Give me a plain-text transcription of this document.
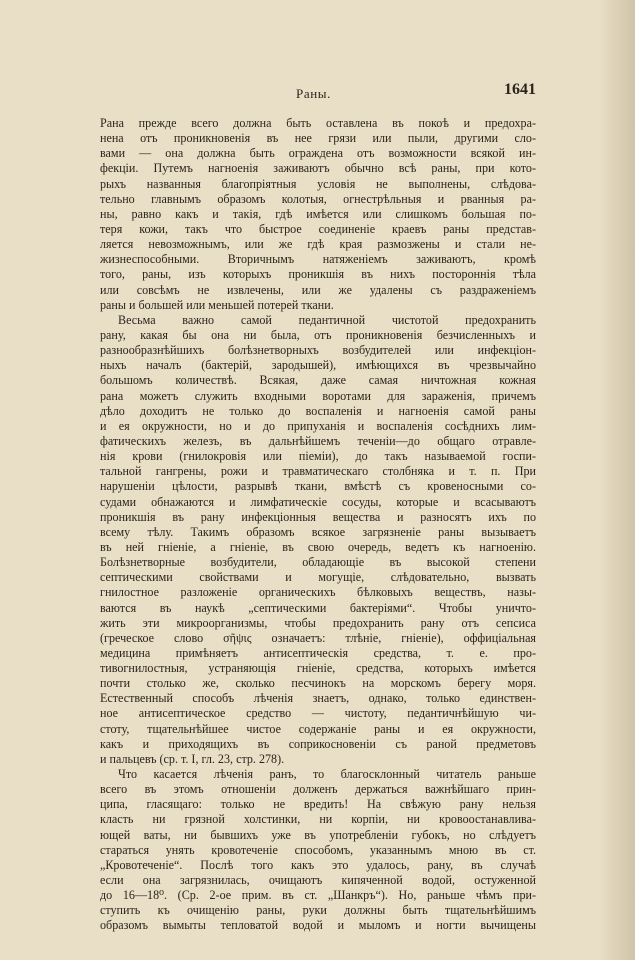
Раны.	1641
Рана прежде всего должна быть оставлена въ покоѣ и предохра-
нена отъ проникновенія въ нее грязи или пыли, другими сло-
вами — она должна быть ограждена отъ возможности всякой ин-
фекціи. Путемъ нагноенія заживаютъ обычно всѣ раны, при кото-
рыхъ названныя благопріятныя условія не выполнены, слѣдова-
тельно главнымъ образомъ колотыя, огнестрѣльныя и рванныя ра-
ны, равно какъ и такія, гдѣ имѣется или слишкомъ большая по-
теря кожи, такъ что быстрое соединеніе краевъ раны представ-
ляется невозможнымъ, или же гдѣ края размозжены и стали не-
жизнеспособными. Вторичнымъ натяженіемъ заживаютъ, кромѣ
того, раны, изъ которыхъ проникшія въ нихъ постороннія тѣла
или совсѣмъ не извлечены, или же удалены съ раздраженіемъ
раны и большей или меньшей потерей ткани.
Весьма важно самой педантичной чистотой предохранить
рану, какая бы она ни была, отъ проникновенія безчисленныхъ и
разнообразнѣйшихъ болѣзнетворныхъ возбудителей или инфекціон-
ныхъ началъ (бактерій, зародышей), имѣющихся въ чрезвычайно
большомъ количествѣ. Всякая, даже самая ничтожная кожная
рана можетъ служить входными воротами для зараженія, причемъ
дѣло доходитъ не только до воспаленія и нагноенія самой раны
и ея окружности, но и до припуханія и воспаленія сосѣднихъ лим-
фатическихъ железъ, въ дальнѣйшемъ теченіи—до общаго отравле-
нія крови (гнилокровія или піеміи), до такъ называемой госпи-
тальной гангрены, рожи и травматическаго столбняка и т. п. При
нарушеніи цѣлости, разрывѣ ткани, вмѣстѣ съ кровеносными со-
судами обнажаются и лимфатическіе сосуды, которые и всасываютъ
проникшія въ рану инфекціонныя вещества и разносятъ ихъ по
всему тѣлу. Такимъ образомъ всякое загрязненіе раны вызываетъ
въ ней гніеніе, а гніеніе, въ свою очередь, ведетъ къ нагноенію.
Болѣзнетворные возбудители, обладающіе въ высокой степени
септическими свойствами и могущіе, слѣдовательно, вызвать
гнилостное разложеніе органическихъ бѣлковыхъ веществъ, назы-
ваются въ наукѣ „септическими бактеріями“. Чтобы уничто-
жить эти микроорганизмы, чтобы предохранить рану отъ сепсиса
(греческое слово σῆψις означаетъ: тлѣніе, гніеніе), оффиціальная
медицина примѣняетъ антисептическія средства, т. е. про-
тивогнилостныя, устраняющія гніеніе, средства, которыхъ имѣется
почти столько же, сколько песчинокъ на морскомъ берегу моря.
Естественный способъ лѣченія знаетъ, однако, только единствен-
ное антисептическое средство — чистоту, педантичнѣйшую чи-
стоту, тщательнѣйшее чистое содержаніе раны и ея окружности,
какъ и приходящихъ въ соприкосновеніи съ раной предметовъ
и пальцевъ (ср. т. I, гл. 23, стр. 278).
Что касается лѣченія ранъ, то благосклонный читатель раньше
всего въ этомъ отношеніи долженъ держаться важнѣйшаго прин-
ципа, гласящаго: только не вредить! На свѣжую рану нельзя
класть ни грязной холстинки, ни корпіи, ни кровоостанавлива-
ющей ваты, ни бывшихъ уже въ употребленіи губокъ, но слѣдуетъ
стараться унять кровотеченіе способомъ, указаннымъ мною въ ст.
„Кровотеченіе“. Послѣ того какъ это удалось, рану, въ случаѣ
если она загрязнилась, очищаютъ кипяченной водой, остуженной
до 16—18⁰. (Ср. 2-ое прим. въ ст. „Шанкръ“). Но, раньше чѣмъ при-
ступить къ очищенію раны, руки должны быть тщательнѣйшимъ
образомъ вымыты тепловатой водой и мыломъ и ногти вычищены
